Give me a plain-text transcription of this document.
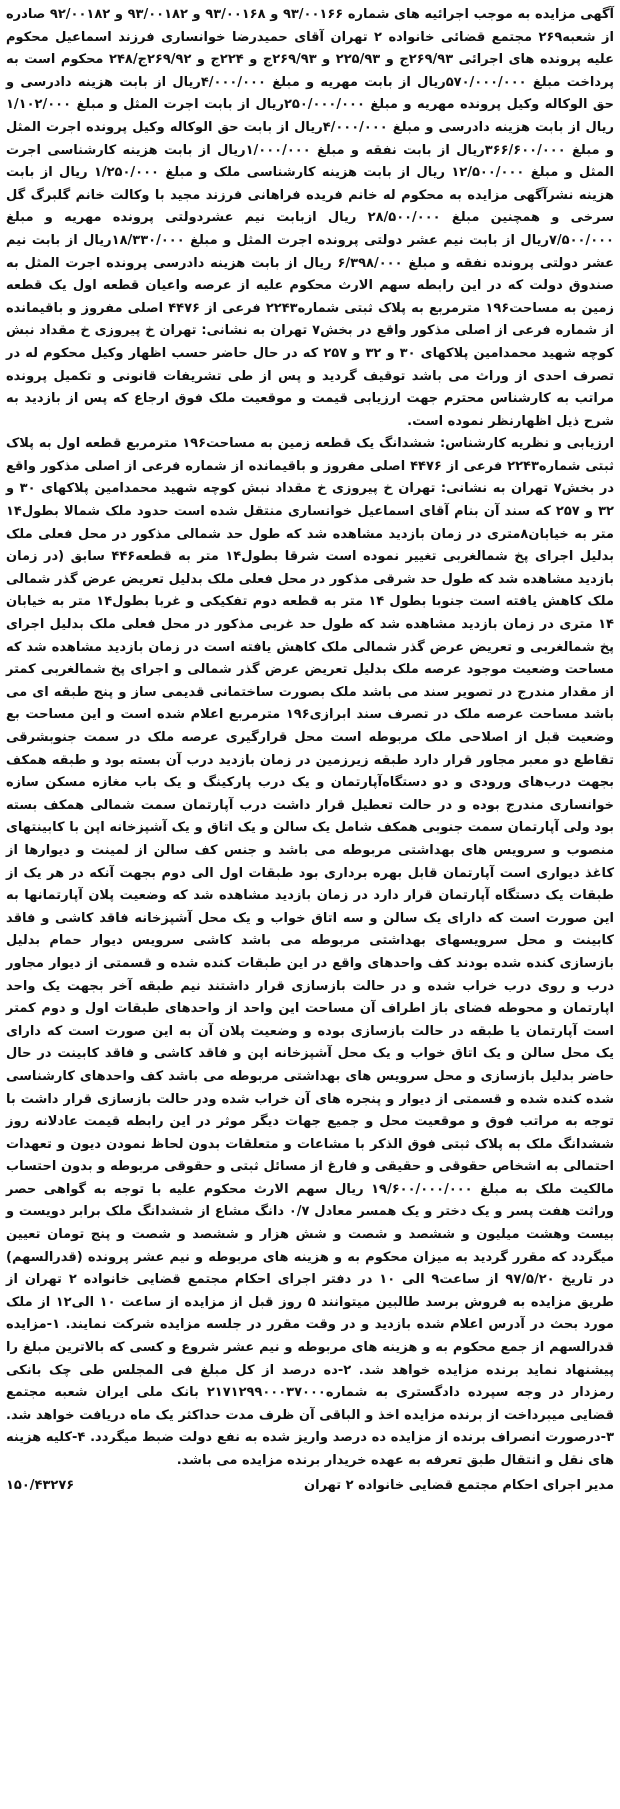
آگهی مزایده به موجب اجرائیه های شماره ۹۳/۰۰۱۶۶ و ۹۳/۰۰۱۶۸ و ۹۳/۰۰۱۸۲ و ۹۲/۰۰۱۸۲ صادره از شعبه۲۶۹ مجتمع قضائی خانواده ۲ تهران آقای حمیدرضا خوانساری فرزند اسماعیل محکوم علیه پرونده های اجرائی ۲۶۹/۹۳ج و ۲۲۵/۹۳ و ۲۶۹/۹۳ج و ۲۲۴ج و ۲۶۹/۹۲ج/۲۴۸ محکوم است به پرداخت مبلغ ۵۷۰/۰۰۰/۰۰۰ریال از بابت مهریه و مبلغ ۴/۰۰۰/۰۰۰ریال از بابت هزینه دادرسی و حق الوکاله وکیل پرونده مهریه و مبلغ ۲۵۰/۰۰۰/۰۰۰ریال از بابت اجرت المثل و مبلغ ۱/۱۰۲/۰۰۰ ریال از بابت هزینه دادرسی و مبلغ ۴/۰۰۰/۰۰۰ریال از بابت حق الوکاله وکیل پرونده اجرت المثل و مبلغ ۳۶۶/۶۰۰/۰۰۰ریال از بابت نفقه و مبلغ ۱/۰۰۰/۰۰۰ریال از بابت هزینه کارشناسی اجرت المثل و مبلغ ۱۲/۵۰۰/۰۰۰ ریال از بابت هزینه کارشناسی ملک و مبلغ ۱/۲۵۰/۰۰۰ ریال از بابت هزینه نشرآگهی مزایده به محکوم له خانم فریده فراهانی فرزند مجید با وکالت خانم گلبرگ گل سرخی و همچنین مبلغ ۲۸/۵۰۰/۰۰۰ ریال ازبابت نیم عشردولتی پرونده مهریه و مبلغ ۷/۵۰۰/۰۰۰ریال از بابت نیم عشر دولتی پرونده اجرت المثل و مبلغ ۱۸/۳۳۰/۰۰۰ریال از بابت نیم عشر دولتی پرونده نفقه و مبلغ ۶/۳۹۸/۰۰۰ ریال از بابت هزینه دادرسی پرونده اجرت المثل به صندوق دولت که در این رابطه سهم الارث محکوم علیه از عرصه واعیان قطعه اول یک قطعه زمین به مساحت۱۹۶ مترمربع به پلاک ثبتی شماره۲۲۴۳ فرعی از ۴۴۷۶ اصلی مفروز و باقیمانده از شماره فرعی از اصلی مذکور واقع در بخش۷ تهران به نشانی: تهران خ پیروزی خ مقداد نبش کوچه شهید محمدامین پلاکهای ۳۰ و ۳۲ و ۲۵۷ که در حال حاضر حسب اظهار وکیل محکوم له در تصرف احدی از وراث می باشد توقیف گردید و پس از طی تشریفات قانونی و تکمیل پرونده مراتب به کارشناس محترم جهت ارزیابی قیمت و موقعیت ملک فوق ارجاع که پس از بازدید به شرح ذیل اظهارنظر نموده است.

ارزیابی و نظریه کارشناس: ششدانگ یک قطعه زمین به مساحت۱۹۶ مترمربع قطعه اول به پلاک ثبتی شماره۲۲۴۳ فرعی از ۴۴۷۶ اصلی مفروز و باقیمانده از شماره فرعی از اصلی مذکور واقع در بخش۷ تهران به نشانی: تهران خ پیروزی خ مقداد نبش کوچه شهید محمدامین پلاکهای ۳۰ و ۳۲ و ۲۵۷ که سند آن بنام آقای اسماعیل خوانساری منتقل شده است حدود ملک شمالا بطول۱۴ متر به خیابان۸متری در زمان بازدید مشاهده شد که طول حد شمالی مذکور در محل فعلی ملک بدلیل اجرای پخ شمالغربی تغییر نموده است شرقا بطول۱۴ متر به قطعه۴۴۶ سابق (در زمان بازدید مشاهده شد که طول حد شرقی مذکور در محل فعلی ملک بدلیل تعریض عرض گذر شمالی ملک کاهش یافته است جنوبا بطول ۱۴ متر به قطعه دوم تفکیکی و غربا بطول۱۴ متر به خیابان ۱۴ متری در زمان بازدید مشاهده شد که طول حد غربی مذکور در محل فعلی ملک بدلیل اجرای پخ شمالغربی و تعریض عرض گذر شمالی ملک کاهش یافته است در زمان بازدید مشاهده شد که مساحت وضعیت موجود عرصه ملک بدلیل تعریض عرض گذر شمالی و اجرای پخ شمالغربی کمتر از مقدار مندرج در تصویر سند می باشد ملک بصورت ساختمانی قدیمی ساز و پنج طبقه ای می باشد مساحت عرصه ملک در تصرف سند ابرازی۱۹۶ مترمربع اعلام شده است و این مساحت بع وضعیت قبل از اصلاحی ملک مربوطه است محل قرارگیری عرصه ملک در سمت جنوبشرقی تقاطع دو معبر مجاور قرار دارد طبقه زیرزمین در زمان بازدید درب آن بسته بود و طبقه همکف بجهت درب‌های ورودی و دو دستگاه‌آپارتمان و یک درب پارکینگ و یک باب مغازه مسکن سازه خوانساری مندرج بوده و در حالت تعطیل قرار داشت درب آپارتمان سمت شمالی همکف بسته بود ولی آپارتمان سمت جنوبی همکف شامل یک سالن و یک اتاق و یک آشپزخانه اپن با کابینتهای منصوب و سرویس های بهداشتی مربوطه می باشد و جنس کف سالن از لمینت و دیوارها از کاغذ دیواری است آپارتمان قابل بهره برداری بود طبقات اول الی دوم بجهت آنکه در هر یک از طبقات یک دستگاه آپارتمان قرار دارد در زمان بازدید مشاهده شد که وضعیت پلان آپارتمانها به این صورت است که دارای یک سالن و سه اتاق خواب و یک محل آشپزخانه فاقد کاشی و فاقد کابینت و محل سرویسهای بهداشتی مربوطه می باشد کاشی سرویس دیوار حمام بدلیل بازسازی کنده شده بودند کف واحدهای واقع در این طبقات کنده شده و قسمتی از دیوار مجاور درب و روی درب خراب شده و در حالت بازسازی قرار داشتند نیم طبقه آخر بجهت یک واحد اپارتمان و محوطه فضای باز اطراف آن مساحت این واحد از واحدهای طبقات اول و دوم کمتر است آپارتمان یا طبقه در حالت بازسازی بوده و وضعیت پلان آن به این صورت است که دارای یک محل سالن و یک اتاق خواب و یک محل آشپزخانه اپن و فاقد کاشی و فاقد کابینت در حال حاضر بدلیل بازسازی و محل سرویس های بهداشتی مربوطه می باشد کف واحدهای کارشناسی شده کنده شده و قسمتی از دیوار و پنجره های آن خراب شده ودر حالت بازسازی قرار داشت با توجه به مراتب فوق و موقعیت محل و جمیع جهات دیگر موثر در این رابطه قیمت عادلانه روز ششدانگ ملک به پلاک ثبتی فوق الذکر با مشاعات و متعلقات بدون لحاظ نمودن دیون و تعهدات احتمالی به اشخاص حقوقی و حقیقی و فارغ از مسائل ثبتی و حقوقی مربوطه و بدون احتساب مالکیت ملک به مبلغ ۱۹/۶۰۰/۰۰۰/۰۰۰ ریال سهم الارث محکوم علیه با توجه به گواهی حصر وراثت هفت پسر و یک دختر و یک همسر معادل ۰/۷ دانگ مشاع از ششدانگ ملک برابر دویست و بیست وهشت میلیون و ششصد و شصت و شش هزار و ششصد و شصت و پنج تومان تعیین میگردد که مقرر گردید به میزان محکوم به و هزینه های مربوطه و نیم عشر پرونده (قدرالسهم) در تاریخ ۹۷/۵/۲۰ از ساعت۹ الی ۱۰ در دفتر اجرای احکام مجتمع قضایی خانواده ۲ تهران از طریق مزایده به فروش برسد طالبین میتوانند ۵ روز قبل از مزایده از ساعت ۱۰ الی۱۲ از ملک مورد بحث در آدرس اعلام شده بازدید و در وقت مقرر در جلسه مزایده شرکت نمایند. ۱-مزایده قدرالسهم از جمع محکوم به و هزینه های مربوطه و نیم عشر شروع و کسی که بالاترین مبلغ را پیشنهاد نماید برنده مزایده خواهد شد. ۲-ده درصد از کل مبلغ فی المجلس طی چک بانکی رمزدار در وجه سپرده دادگستری به شماره۲۱۷۱۲۹۹۰۰۰۳۷۰۰۰ بانک ملی ایران شعبه مجتمع قضایی میبرداخت از برنده مزایده اخذ و الباقی آن ظرف مدت حداکثر یک ماه دریافت خواهد شد. ۳-درصورت انصراف برنده از مزایده ده درصد واریز شده به نفع دولت ضبط میگردد. ۴-کلیه هزینه های نقل و انتقال طبق تعرفه به عهده خریدار برنده مزایده می باشد.

مدیر اجرای احکام مجتمع قضایی خانواده ۲ تهران
۱۵۰/۴۳۲۷۶
